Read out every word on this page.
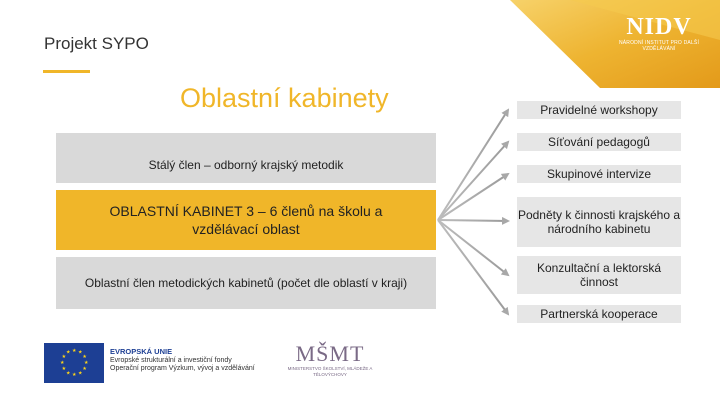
NIDV
NÁRODNÍ INSTITUT PRO DALŠÍ VZDĚLÁVÁNÍ
Projekt SYPO
Oblastní kabinety
Stálý člen – odborný krajský metodik
OBLASTNÍ KABINET 3 – 6 členů na školu a vzdělávací oblast
Oblastní člen metodických kabinetů (počet dle oblastí v kraji)
Pravidelné workshopy
Síťování pedagogů
Skupinové intervize
Podněty k činnosti krajského a národního kabinetu
Konzultační a lektorská činnost
Partnerská kooperace
★ ★
★
★
★
★
★
★
★
★
★
★	EVROPSKÁ UNIE
Evropské strukturální a investiční fondy
Operační program Výzkum, vývoj a vzdělávání
MŠMT
MINISTERSTVO ŠKOLSTVÍ, MLÁDEŽE A TĚLOVÝCHOVY
